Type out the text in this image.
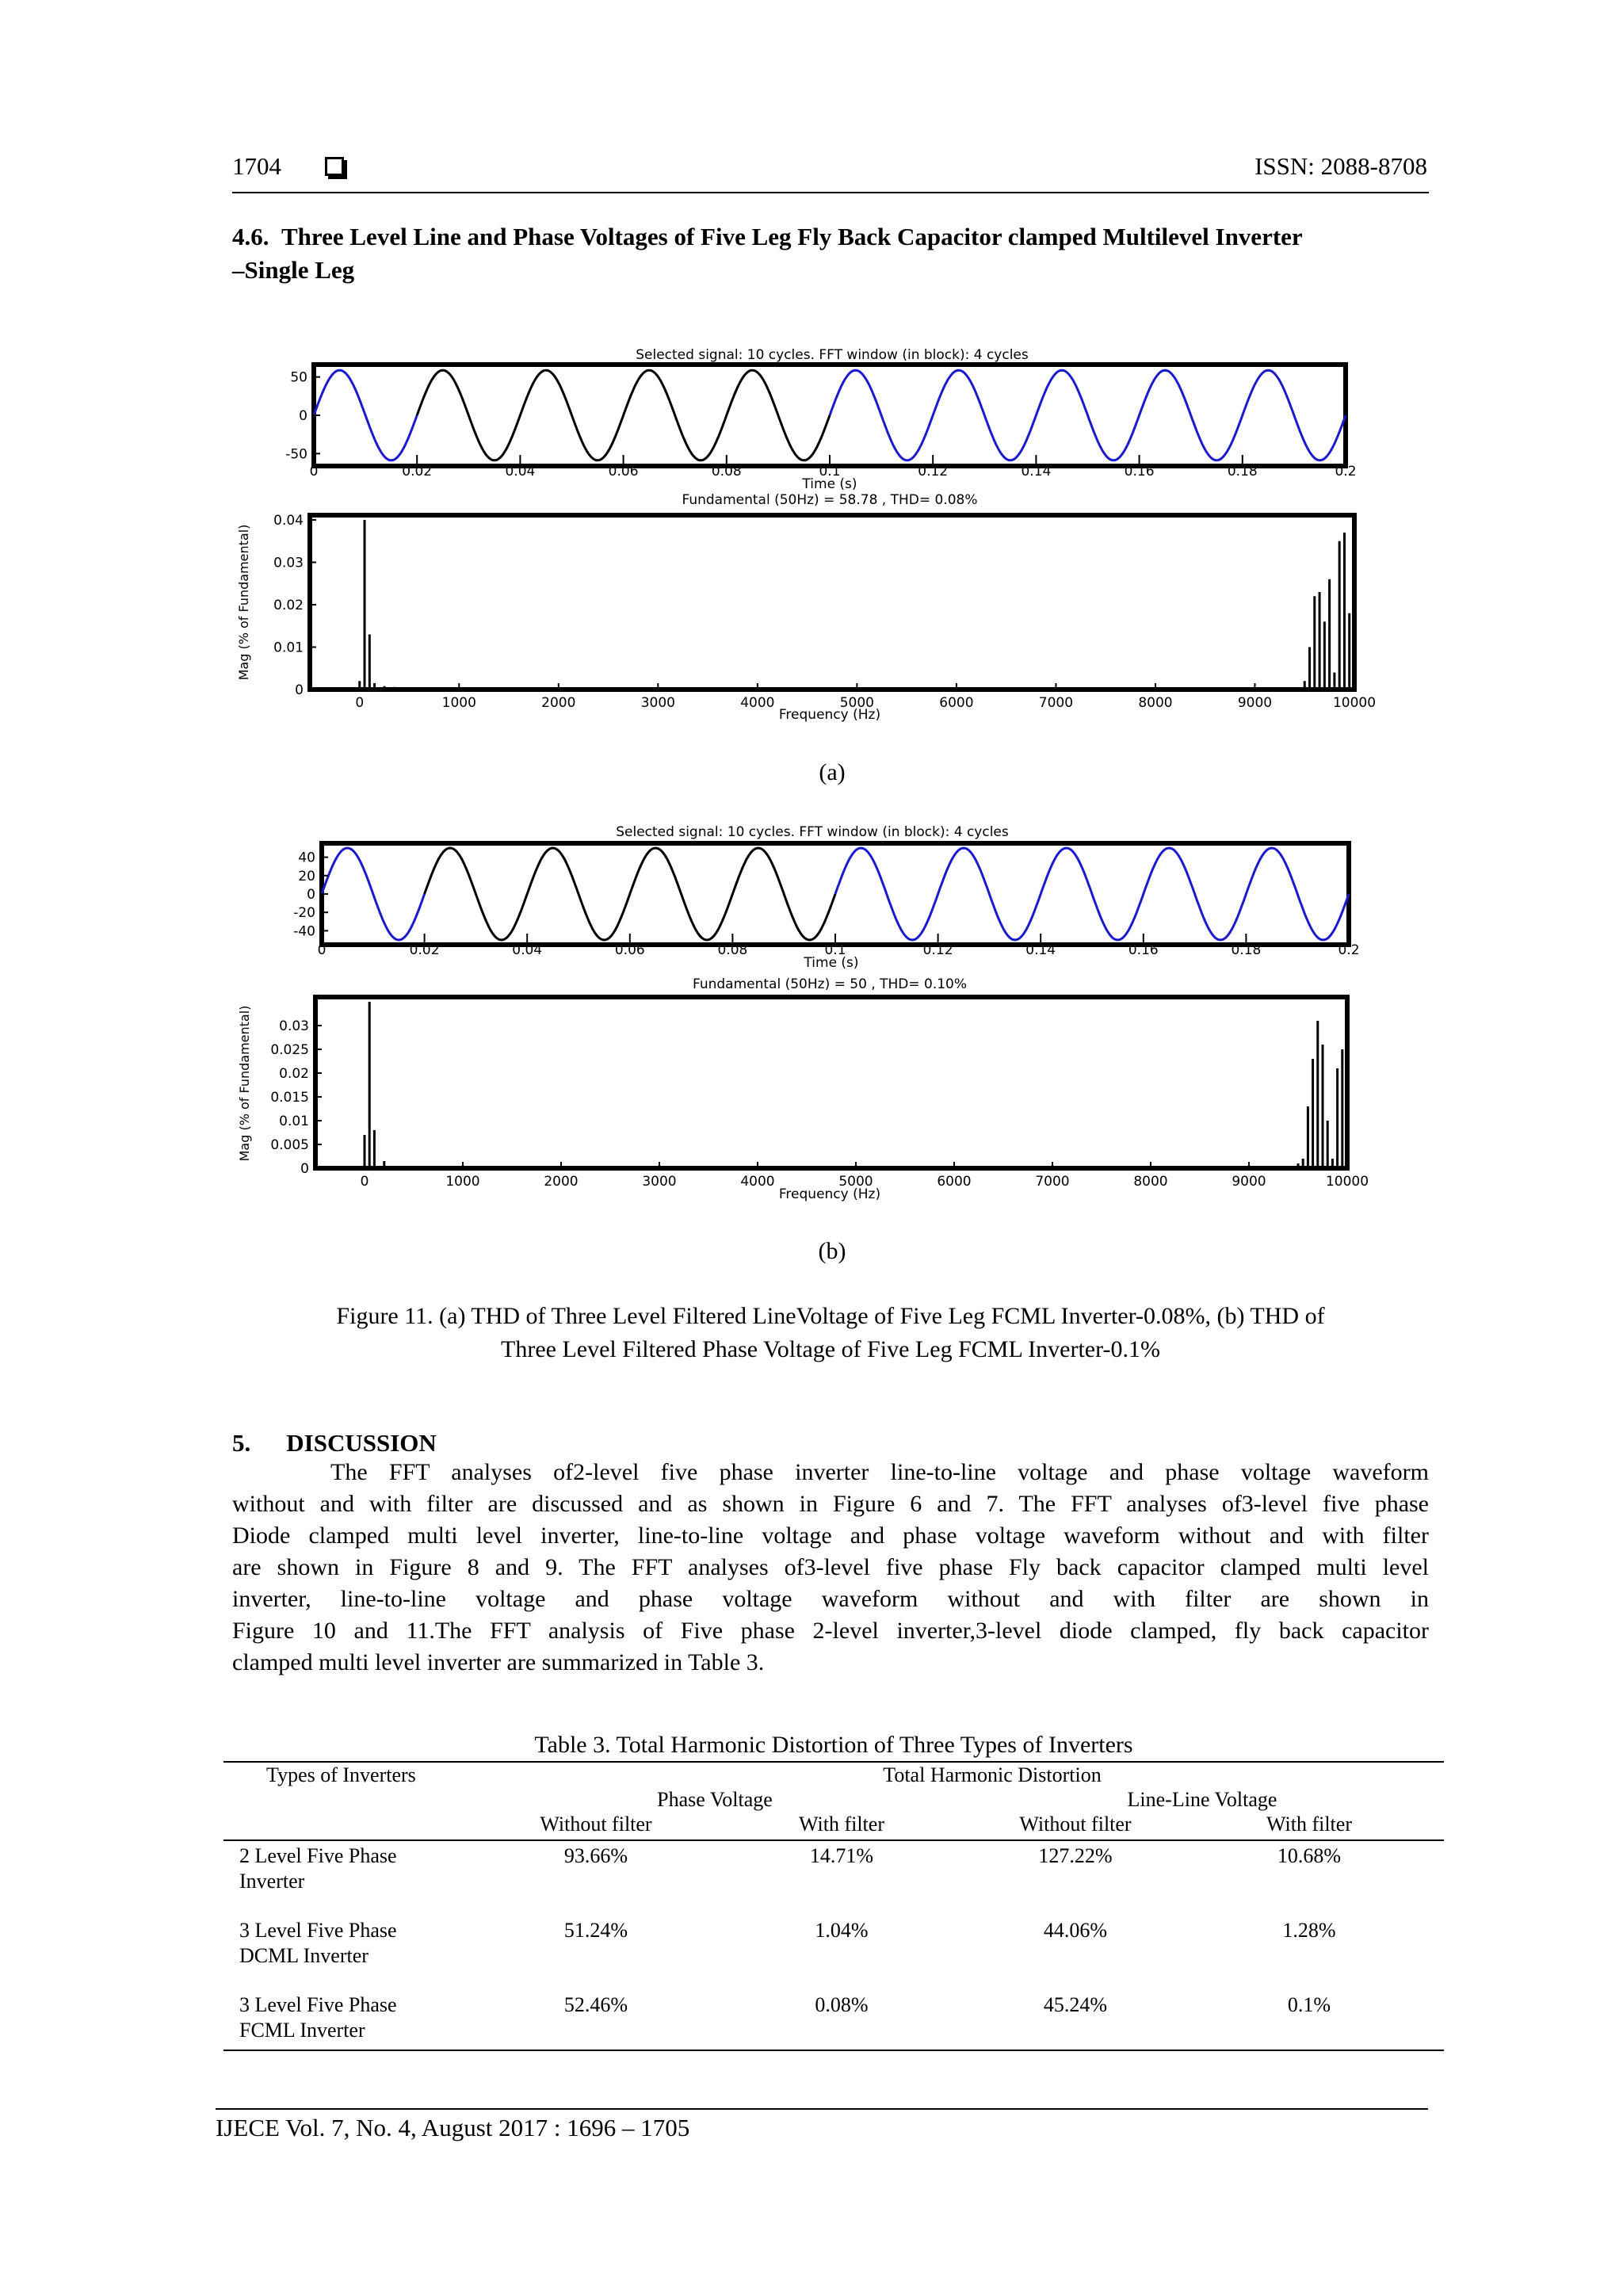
1704	ISSN: 2088-8708
4.6. Three Level Line and Phase Voltages of Five Leg Fly Back Capacitor clamped Multilevel Inverter
–Single Leg
Selected signal: 10 cycles. FFT window (in block): 4 cycles
50
0
-50
0	0.02	0.04	0.06	0.08	0.1	0.12	0.14	0.16	0.18	0.2
Time (s)
Fundamental (50Hz) = 58.78 , THD= 0.08%
0.04
0.03
0.02
0.01
0
0	1000	2000	3000	4000	5000	6000	7000	8000	9000	10000
Frequency (Hz)
Mag (% of Fundamental)
(a)
Selected signal: 10 cycles. FFT window (in block): 4 cycles
40
20
0
-20
-40
0	0.02	0.04	0.06	0.08	0.1	0.12	0.14	0.16	0.18	0.2
Time (s)
Fundamental (50Hz) = 50 , THD= 0.10%
0.03
0.025
0.02
0.015
0.01
0.005
0
0	1000	2000	3000	4000	5000	6000	7000	8000	9000	10000
Frequency (Hz)
Mag (% of Fundamental)
(b)
Figure 11. (a) THD of Three Level Filtered LineVoltage of Five Leg FCML Inverter-0.08%, (b) THD of
Three Level Filtered Phase Voltage of Five Leg FCML Inverter-0.1%
5. DISCUSSION
The FFT analyses of2-level five phase inverter line-to-line voltage and phase voltage waveform
without and with filter are discussed and as shown in Figure 6 and 7. The FFT analyses of3-level five phase
Diode clamped multi level inverter, line-to-line voltage and phase voltage waveform without and with filter
are shown in Figure 8 and 9. The FFT analyses of3-level five phase Fly back capacitor clamped multi level
inverter, line-to-line voltage and phase voltage waveform without and with filter are shown in
Figure 10 and 11.The FFT analysis of Five phase 2-level inverter,3-level diode clamped, fly back capacitor
clamped multi level inverter are summarized in Table 3.
Table 3. Total Harmonic Distortion of Three Types of Inverters
Types of Inverters	Total Harmonic Distortion
Phase Voltage	Line-Line Voltage
Without filter	With filter	Without filter	With filter
2 Level Five Phase
Inverter
93.66%	14.71%	127.22%	10.68%
3 Level Five Phase
DCML Inverter
51.24%	1.04%	44.06%	1.28%
3 Level Five Phase
FCML Inverter
52.46%	0.08%	45.24%	0.1%
IJECE Vol. 7, No. 4, August 2017 : 1696 – 1705
